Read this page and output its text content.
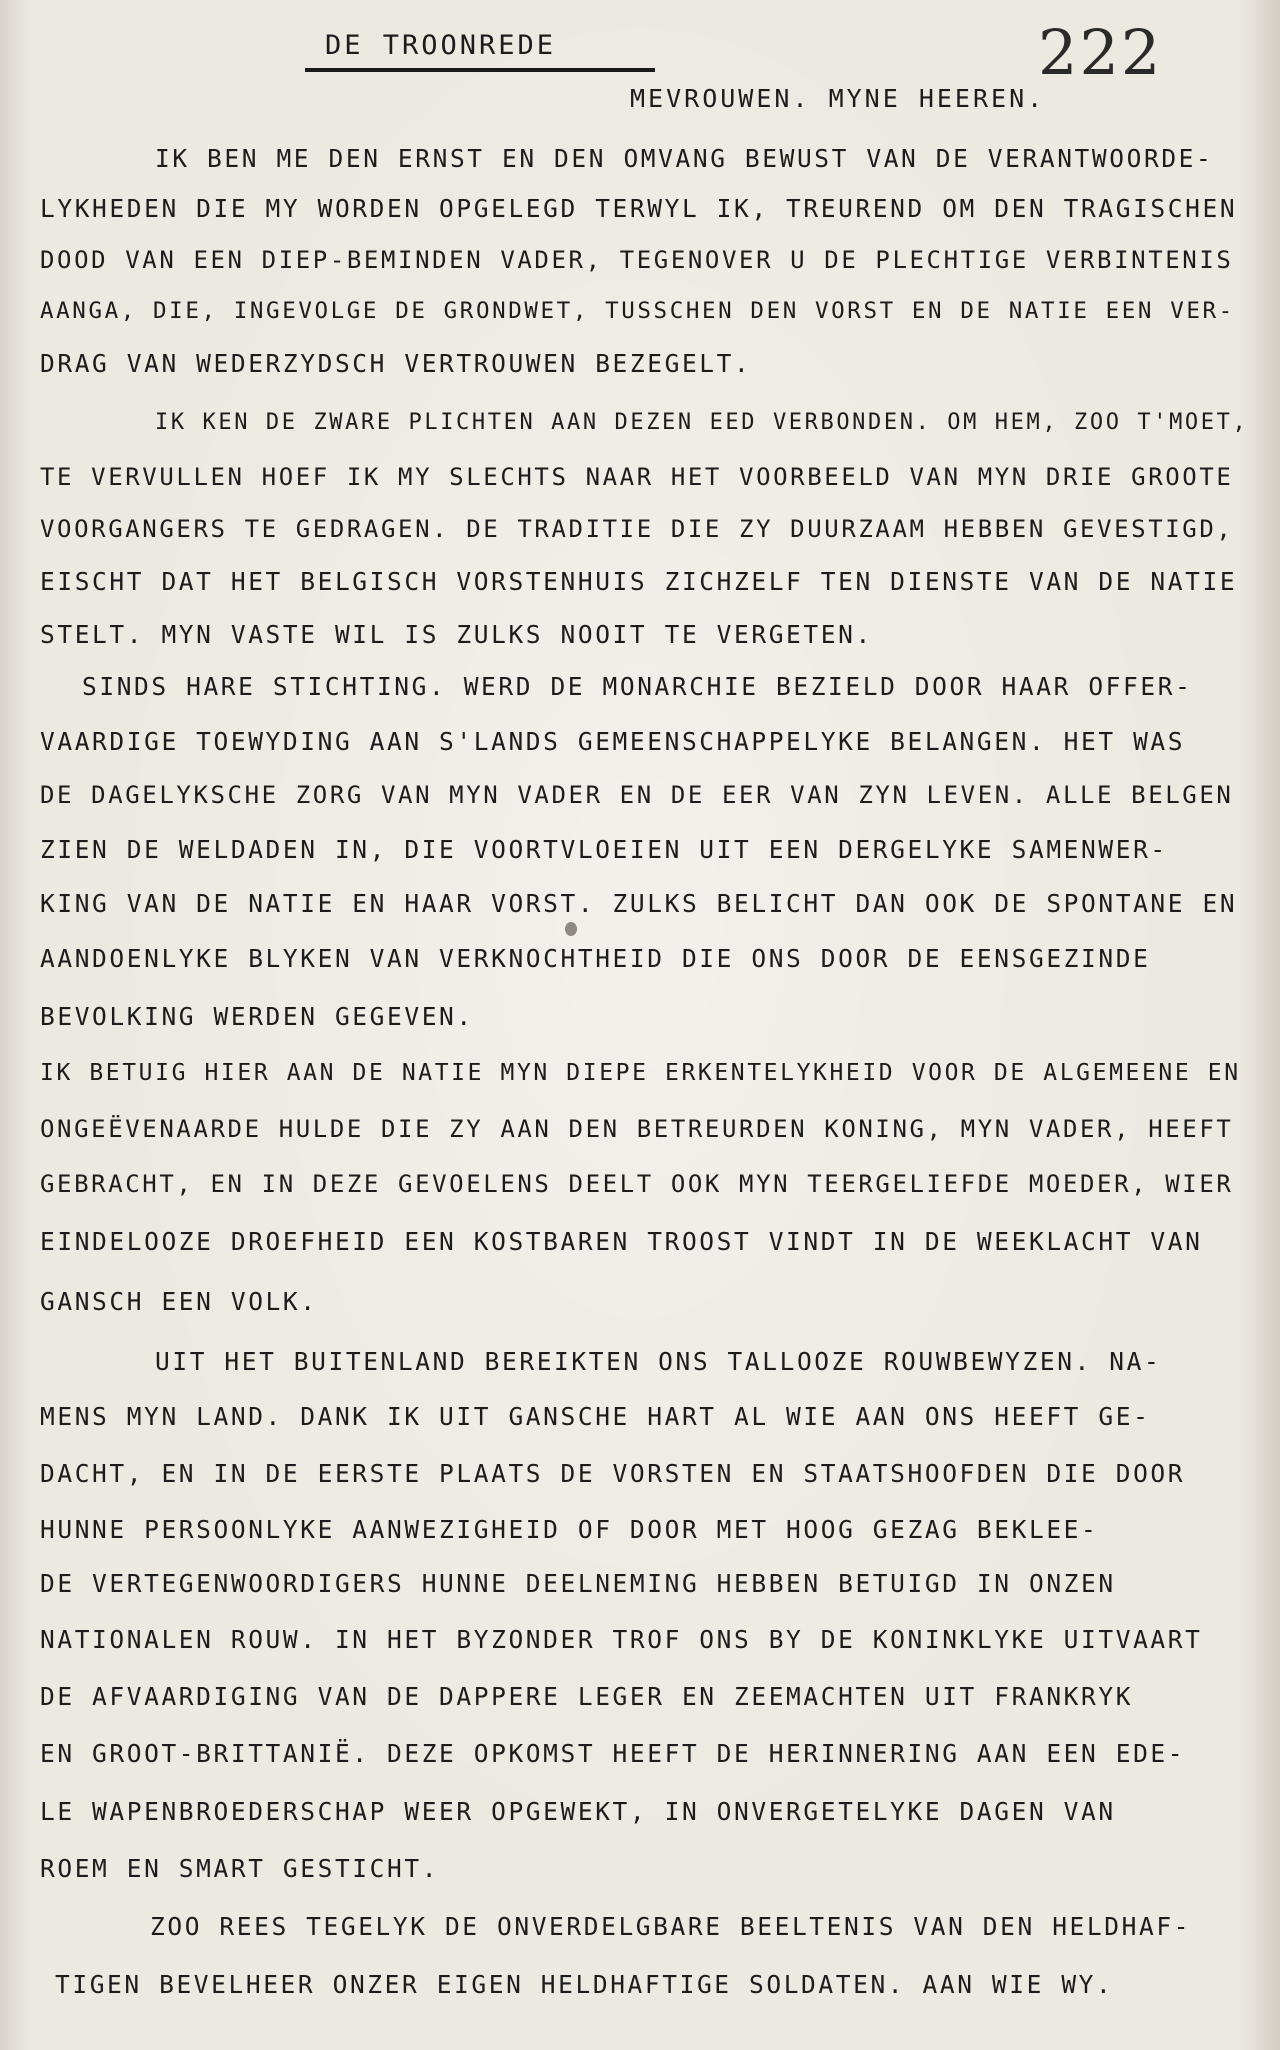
DE TROONREDE	222
MEVROUWEN. MYNE HEEREN.
IK BEN ME DEN ERNST EN DEN OMVANG BEWUST VAN DE VERANTWOORDE-
LYKHEDEN DIE MY WORDEN OPGELEGD TERWYL IK, TREUREND OM DEN TRAGISCHEN
DOOD VAN EEN DIEP-BEMINDEN VADER, TEGENOVER U DE PLECHTIGE VERBINTENIS
AANGA, DIE, INGEVOLGE DE GRONDWET, TUSSCHEN DEN VORST EN DE NATIE EEN VER-
DRAG VAN WEDERZYDSCH VERTROUWEN BEZEGELT.
IK KEN DE ZWARE PLICHTEN AAN DEZEN EED VERBONDEN. OM HEM, ZOO T'MOET,
TE VERVULLEN HOEF IK MY SLECHTS NAAR HET VOORBEELD VAN MYN DRIE GROOTE
VOORGANGERS TE GEDRAGEN. DE TRADITIE DIE ZY DUURZAAM HEBBEN GEVESTIGD,
EISCHT DAT HET BELGISCH VORSTENHUIS ZICHZELF TEN DIENSTE VAN DE NATIE
STELT. MYN VASTE WIL IS ZULKS NOOIT TE VERGETEN.
SINDS HARE STICHTING. WERD DE MONARCHIE BEZIELD DOOR HAAR OFFER-
VAARDIGE TOEWYDING AAN S'LANDS GEMEENSCHAPPELYKE BELANGEN. HET WAS
DE DAGELYKSCHE ZORG VAN MYN VADER EN DE EER VAN ZYN LEVEN. ALLE BELGEN
ZIEN DE WELDADEN IN, DIE VOORTVLOEIEN UIT EEN DERGELYKE SAMENWER-
KING VAN DE NATIE EN HAAR VORST. ZULKS BELICHT DAN OOK DE SPONTANE EN
AANDOENLYKE BLYKEN VAN VERKNOCHTHEID DIE ONS DOOR DE EENSGEZINDE
BEVOLKING WERDEN GEGEVEN.
IK BETUIG HIER AAN DE NATIE MYN DIEPE ERKENTELYKHEID VOOR DE ALGEMEENE EN
ONGEËVENAARDE HULDE DIE ZY AAN DEN BETREURDEN KONING, MYN VADER, HEEFT
GEBRACHT, EN IN DEZE GEVOELENS DEELT OOK MYN TEERGELIEFDE MOEDER, WIER
EINDELOOZE DROEFHEID EEN KOSTBAREN TROOST VINDT IN DE WEEKLACHT VAN
GANSCH EEN VOLK.
UIT HET BUITENLAND BEREIKTEN ONS TALLOOZE ROUWBEWYZEN. NA-
MENS MYN LAND. DANK IK UIT GANSCHE HART AL WIE AAN ONS HEEFT GE-
DACHT, EN IN DE EERSTE PLAATS DE VORSTEN EN STAATSHOOFDEN DIE DOOR
HUNNE PERSOONLYKE AANWEZIGHEID OF DOOR MET HOOG GEZAG BEKLEE-
DE VERTEGENWOORDIGERS HUNNE DEELNEMING HEBBEN BETUIGD IN ONZEN
NATIONALEN ROUW. IN HET BYZONDER TROF ONS BY DE KONINKLYKE UITVAART
DE AFVAARDIGING VAN DE DAPPERE LEGER EN ZEEMACHTEN UIT FRANKRYK
EN GROOT-BRITTANIË. DEZE OPKOMST HEEFT DE HERINNERING AAN EEN EDE-
LE WAPENBROEDERSCHAP WEER OPGEWEKT, IN ONVERGETELYKE DAGEN VAN
ROEM EN SMART GESTICHT.
ZOO REES TEGELYK DE ONVERDELGBARE BEELTENIS VAN DEN HELDHAF-
TIGEN BEVELHEER ONZER EIGEN HELDHAFTIGE SOLDATEN. AAN WIE WY.
